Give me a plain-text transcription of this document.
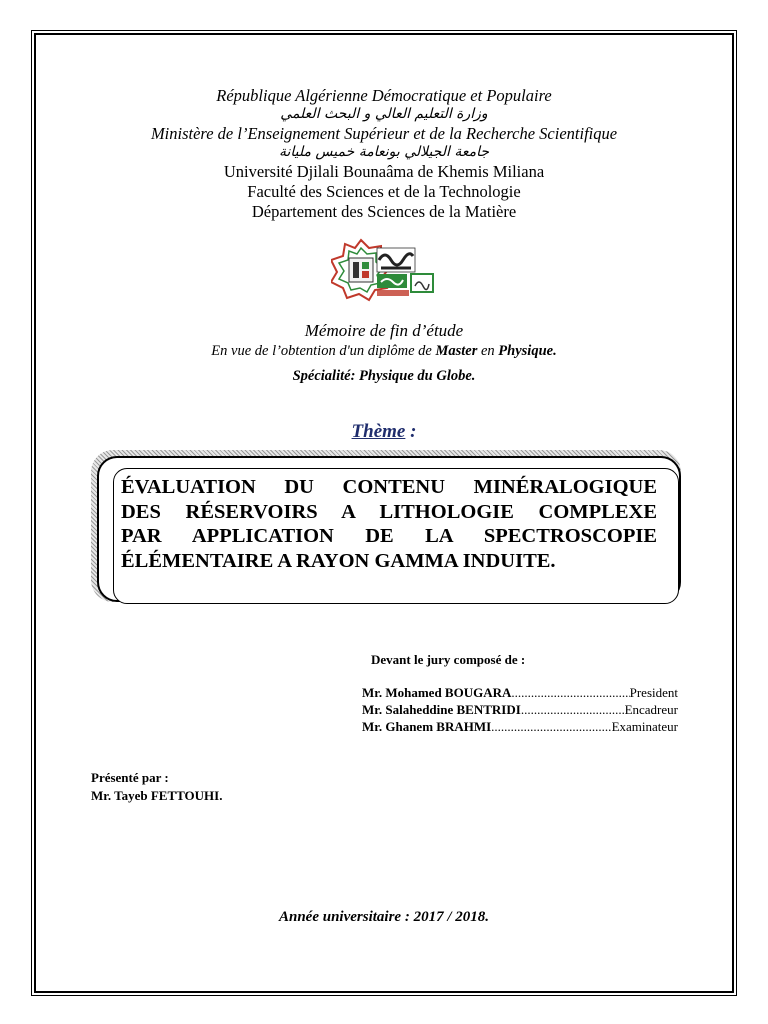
République Algérienne Démocratique et Populaire
وزارة التعليم العالي و البحث العلمي
Ministère de l’Enseignement Supérieur et de la Recherche Scientifique
جامعة الجيلالي بونعامة خميس مليانة
Université Djilali Bounaâma de Khemis Miliana
Faculté des Sciences et de la Technologie
Département des Sciences de la Matière
Mémoire de fin d’étude
En vue de l’obtention d'un diplôme de Master en Physique.
Spécialité: Physique du Globe.
Thème :
ÉVALUATION DU CONTENU MINÉRALOGIQUE
DES RÉSERVOIRS A LITHOLOGIE COMPLEXE
PAR APPLICATION DE LA SPECTROSCOPIE
ÉLÉMENTAIRE A RAYON GAMMA INDUITE.
Devant le jury composé de :
Mr. Mohamed BOUGARA .....	President
Mr. Salaheddine BENTRIDI .....	Encadreur
Mr. Ghanem BRAHMI .....	Examinateur
Présenté par :
Mr. Tayeb FETTOUHI.
Année universitaire : 2017 / 2018.
